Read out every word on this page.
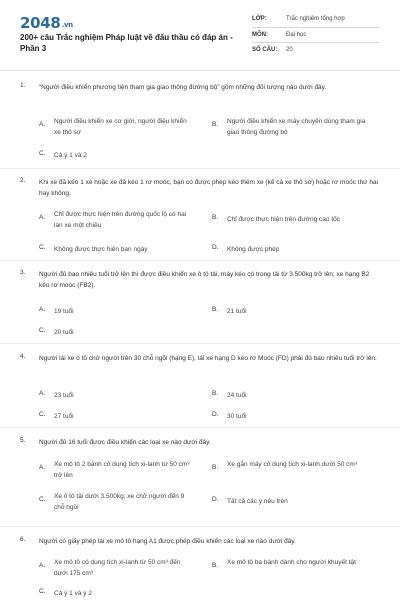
2048.vn
200+ câu Trắc nghiệm Pháp luật về đấu thầu có đáp án - Phần 3
LỚP:	Trắc nghiệm tổng hợp
MÔN:	Đại học
SỐ CÂU: 20
1. “Người điều khiển phương tiện tham gia giao thông đường bộ” gồm những đối tượng nào dưới đây.
A. Người điều khiển xe cơ giới, người điều khiển xe thô sơ
B. Người điều khiển xe máy chuyên dùng tham gia giao thông đường bộ
C. Cả ý 1 và 2
2. Khi xe đã kéo 1 xe hoặc xe đã kéo 1 rơ moóc, bạn có được phép kéo thêm xe (kể cả xe thô sơ) hoặc rơ moóc thứ hai hay không.
A. Chỉ được thực hiện trên đường quốc lộ có hai làn xe một chiều
B. Chỉ được thực hiện trên đường cao tốc
C. Không được thực hiện ban ngày	D. Không được phép
3. Người đủ bao nhiêu tuổi trở lên thì được điều khiển xe ô tô tải, máy kéo có trọng tải từ 3.500kg trở lên; xe hạng B2 kéo rơ moóc (FB2).
A. 19 tuổi	B. 21 tuổi
C. 20 tuổi
4. Người lái xe ô tô chở người trên 30 chỗ ngồi (hạng E), lái xe hạng D kéo rơ Moóc (FD) phải đủ bao nhiêu tuổi trở lên.
A. 23 tuổi	B. 24 tuổi
C. 27 tuổi	D. 30 tuổi
5. Người đủ 16 tuổi được điều khiển các loại xe nào dưới đây.
A. Xe mô tô 2 bánh có dung tích xi-lanh từ 50 cm³ trở lên
B. Xe gắn máy có dung tích xi-lanh dưới 50 cm³
C. Xe ô tô tải dưới 3.500kg; xe chở người đến 9 chỗ ngồi
D. Tất cả các ý nêu trên
6. Người có giấy phép lái xe mô tô hạng A1 được phép điều khiển các loại xe nào dưới đây.
A. Xe mô tô có dung tích xi-lanh từ 50 cm³ đến dưới 175 cm³
B. Xe mô tô ba bánh dành cho người khuyết tật
C. Cả ý 1 và ý 2
